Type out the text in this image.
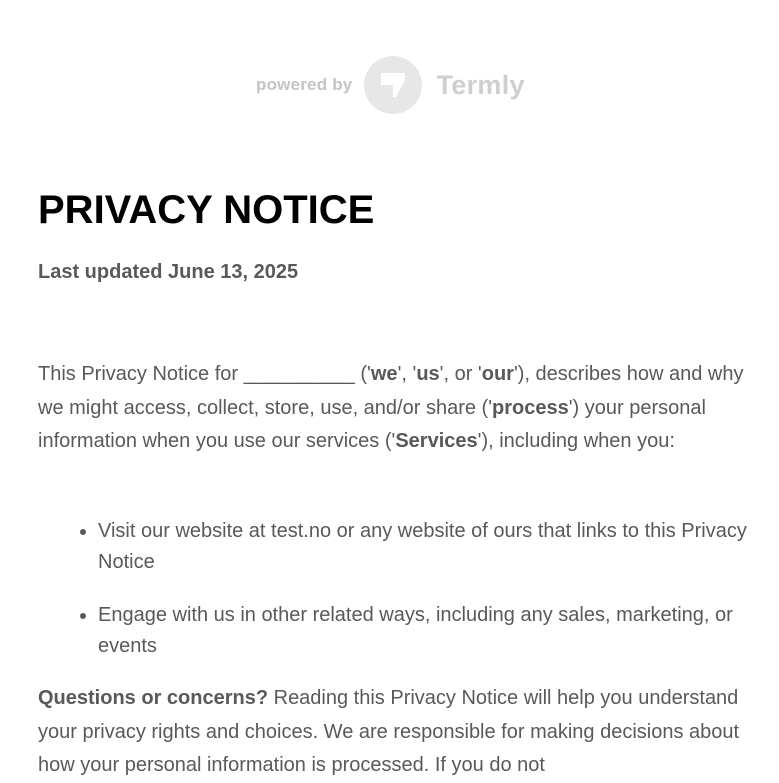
powered by	Termly
PRIVACY NOTICE

Last updated June 13, 2025

This Privacy Notice for __________ ('we', 'us', or 'our'), describes how and why we might access, collect, store, use, and/or share ('process') your personal information when you use our services ('Services'), including when you:

• Visit our website at test.no or any website of ours that links to this Privacy Notice
• Engage with us in other related ways, including any sales, marketing, or events

Questions or concerns? Reading this Privacy Notice will help you understand your privacy rights and choices. We are responsible for making decisions about how your personal information is processed. If you do not
